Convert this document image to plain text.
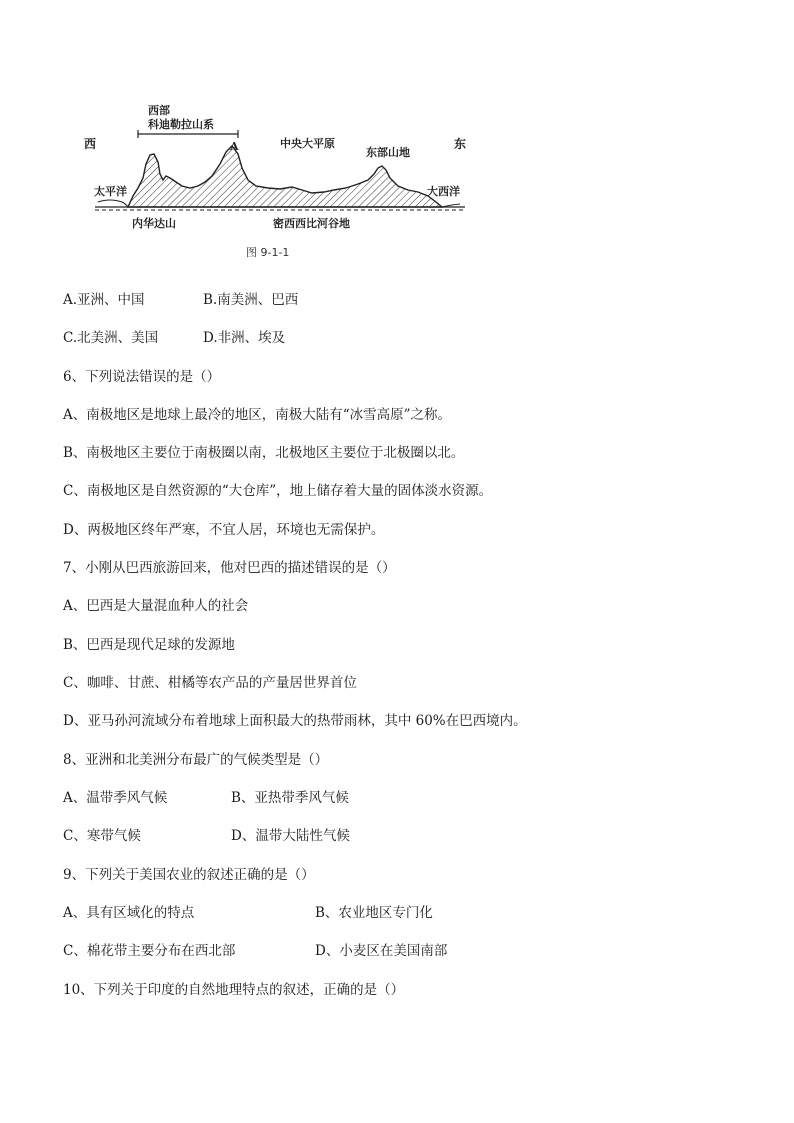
西	东
西部
科迪勒拉山系
A	中央大平原
东部山地
太平洋	大西洋
内华达山	密西西比河谷地
图 9-1-1
A.亚洲、中国	B.南美洲、巴西
C.北美洲、美国	D.非洲、埃及
6、下列说法错误的是（）
A、南极地区是地球上最冷的地区，南极大陆有“冰雪高原”之称。
B、南极地区主要位于南极圈以南，北极地区主要位于北极圈以北。
C、南极地区是自然资源的“大仓库”，地上储存着大量的固体淡水资源。
D、两极地区终年严寒，不宜人居，环境也无需保护。
7、小刚从巴西旅游回来，他对巴西的描述错误的是（）
A、巴西是大量混血种人的社会
B、巴西是现代足球的发源地
C、咖啡、甘蔗、柑橘等农产品的产量居世界首位
D、亚马孙河流域分布着地球上面积最大的热带雨林，其中 60%在巴西境内。
8、亚洲和北美洲分布最广的气候类型是（）
A、温带季风气候	B、亚热带季风气候
C、寒带气候	D、温带大陆性气候
9、下列关于美国农业的叙述正确的是（）
A、具有区域化的特点	B、农业地区专门化
C、棉花带主要分布在西北部	D、小麦区在美国南部
10、下列关于印度的自然地理特点的叙述，正确的是（）
